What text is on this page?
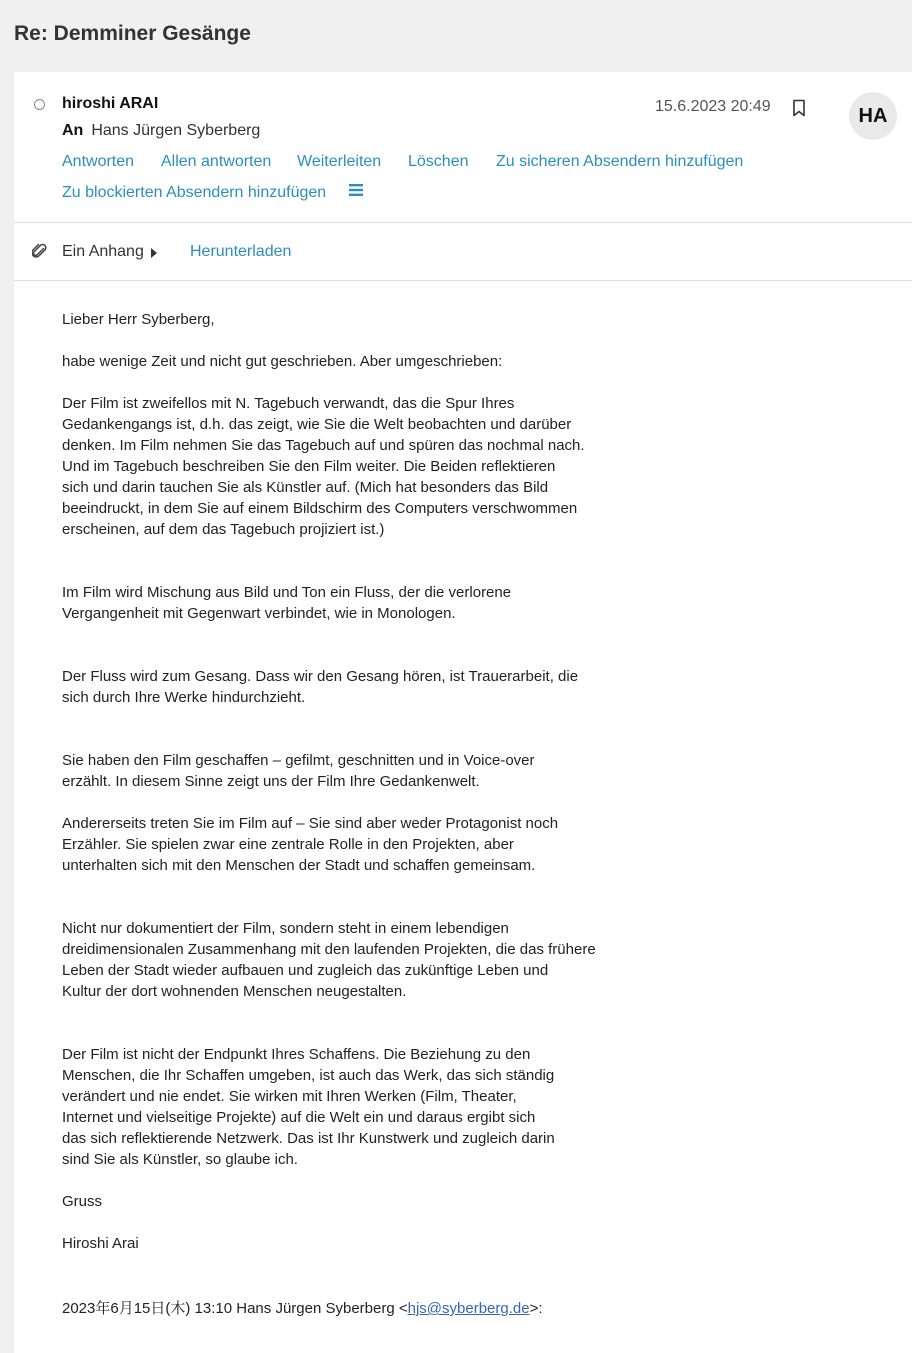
Re: Demminer Gesänge
hiroshi ARAI
An Hans Jürgen Syberberg
15.6.2023 20:49	HA
Antworten Allen antworten Weiterleiten Löschen Zu sicheren Absendern hinzufügen
Zu blockierten Absendern hinzufügen
Ein Anhang	Herunterladen

Lieber Herr Syberberg,

habe wenige Zeit und nicht gut geschrieben. Aber umgeschrieben:

Der Film ist zweifellos mit N. Tagebuch verwandt, das die Spur Ihres
Gedankengangs ist, d.h. das zeigt, wie Sie die Welt beobachten und darüber
denken. Im Film nehmen Sie das Tagebuch auf und spüren das nochmal nach.
Und im Tagebuch beschreiben Sie den Film weiter. Die Beiden reflektieren
sich und darin tauchen Sie als Künstler auf. (Mich hat besonders das Bild
beeindruckt, in dem Sie auf einem Bildschirm des Computers verschwommen
erscheinen, auf dem das Tagebuch projiziert ist.)

Im Film wird Mischung aus Bild und Ton ein Fluss, der die verlorene
Vergangenheit mit Gegenwart verbindet, wie in Monologen.

Der Fluss wird zum Gesang. Dass wir den Gesang hören, ist Trauerarbeit, die
sich durch Ihre Werke hindurchzieht.

Sie haben den Film geschaffen – gefilmt, geschnitten und in Voice-over
erzählt. In diesem Sinne zeigt uns der Film Ihre Gedankenwelt.

Andererseits treten Sie im Film auf – Sie sind aber weder Protagonist noch
Erzähler. Sie spielen zwar eine zentrale Rolle in den Projekten, aber
unterhalten sich mit den Menschen der Stadt und schaffen gemeinsam.

Nicht nur dokumentiert der Film, sondern steht in einem lebendigen
dreidimensionalen Zusammenhang mit den laufenden Projekten, die das frühere
Leben der Stadt wieder aufbauen und zugleich das zukünftige Leben und
Kultur der dort wohnenden Menschen neugestalten.

Der Film ist nicht der Endpunkt Ihres Schaffens. Die Beziehung zu den
Menschen, die Ihr Schaffen umgeben, ist auch das Werk, das sich ständig
verändert und nie endet. Sie wirken mit Ihren Werken (Film, Theater,
Internet und vielseitige Projekte) auf die Welt ein und daraus ergibt sich
das sich reflektierende Netzwerk. Das ist Ihr Kunstwerk und zugleich darin
sind Sie als Künstler, so glaube ich.

Gruss

Hiroshi Arai

2023年6月15日(木) 13:10 Hans Jürgen Syberberg <hjs@syberberg.de>:
